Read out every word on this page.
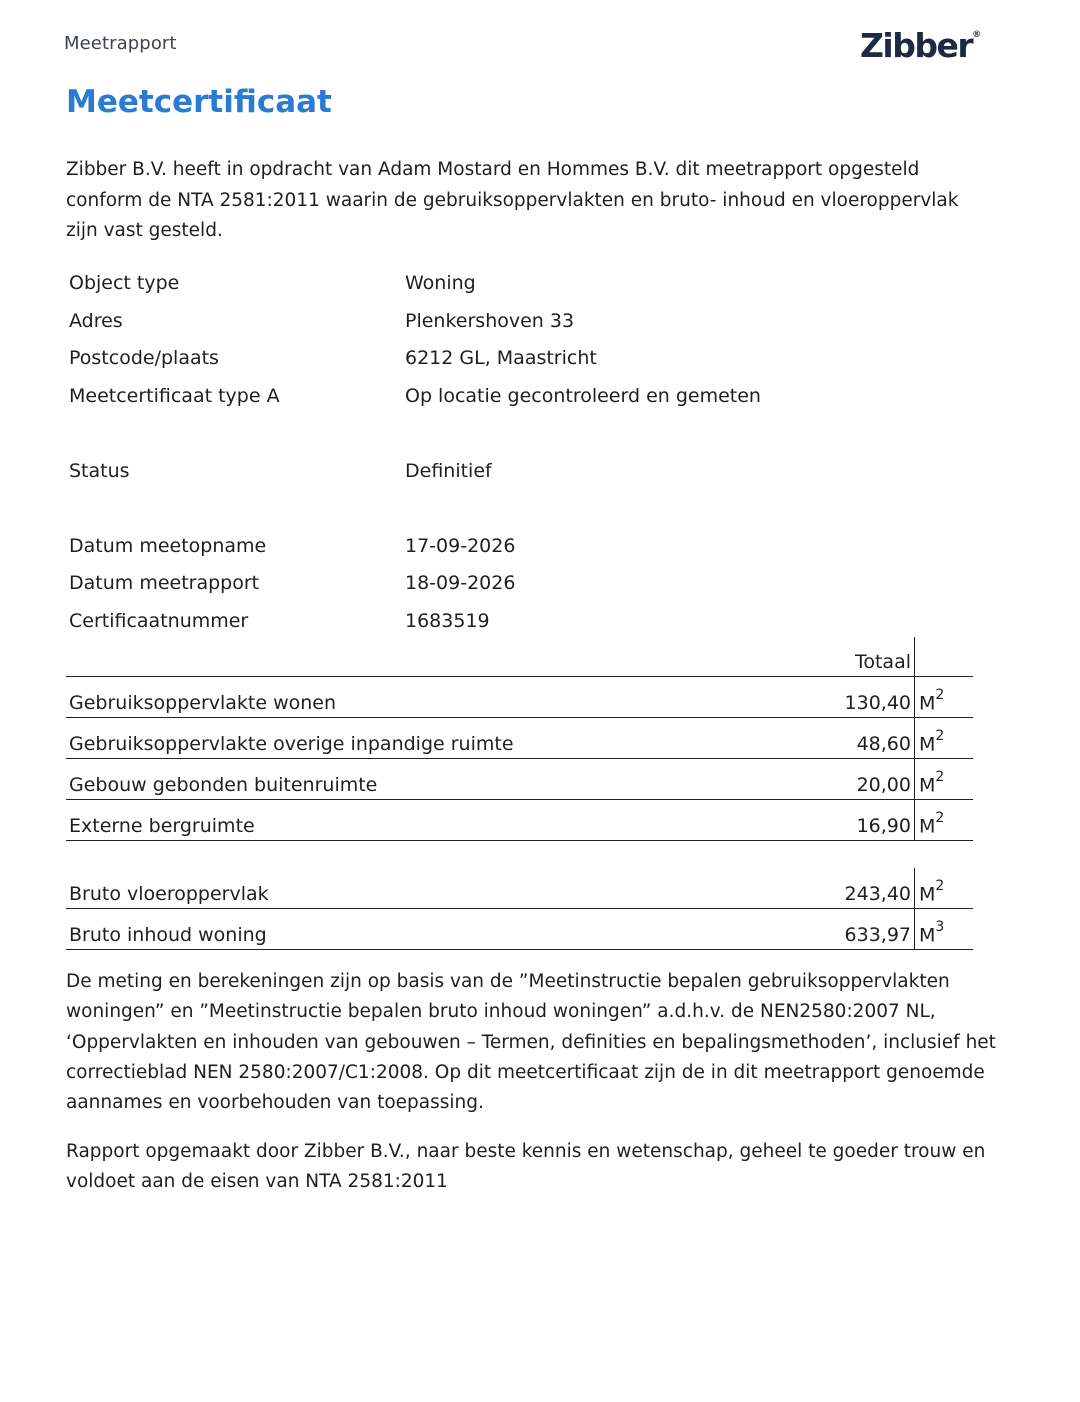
Meetrapport	Zibber®
Meetcertificaat

Zibber B.V. heeft in opdracht van Adam Mostard en Hommes B.V. dit meetrapport opgesteld conform de NTA 2581:2011 waarin de gebruiksoppervlakten en bruto- inhoud en vloeroppervlak zijn vast gesteld.

Object type	Woning
Adres	Plenkershoven 33
Postcode/plaats	6212 GL, Maastricht
Meetcertificaat type A	Op locatie gecontroleerd en gemeten
Status	Definitief
Datum meetopname	17-09-2026
Datum meetrapport	18-09-2026
Certificaatnummer	1683519
	Totaal	
Gebruiksoppervlakte wonen	130,40	$M^2$
Gebruiksoppervlakte overige inpandige ruimte	48,60	$M^2$
Gebouw gebonden buitenruimte	20,00	$M^2$
Externe bergruimte	16,90	$M^2$
Bruto vloeroppervlak	243,40	$M^2$
Bruto inhoud woning	633,97	$M^3$

De meting en berekeningen zijn op basis van de ”Meetinstructie bepalen gebruiksoppervlakten woningen” en ”Meetinstructie bepalen bruto inhoud woningen” a.d.h.v. de NEN2580:2007 NL, ‘Oppervlakten en inhouden van gebouwen – Termen, definities en bepalingsmethoden’, inclusief het correctieblad NEN 2580:2007/C1:2008. Op dit meetcertificaat zijn de in dit meetrapport genoemde aannames en voorbehouden van toepassing.

Rapport opgemaakt door Zibber B.V., naar beste kennis en wetenschap, geheel te goeder trouw en voldoet aan de eisen van NTA 2581:2011
